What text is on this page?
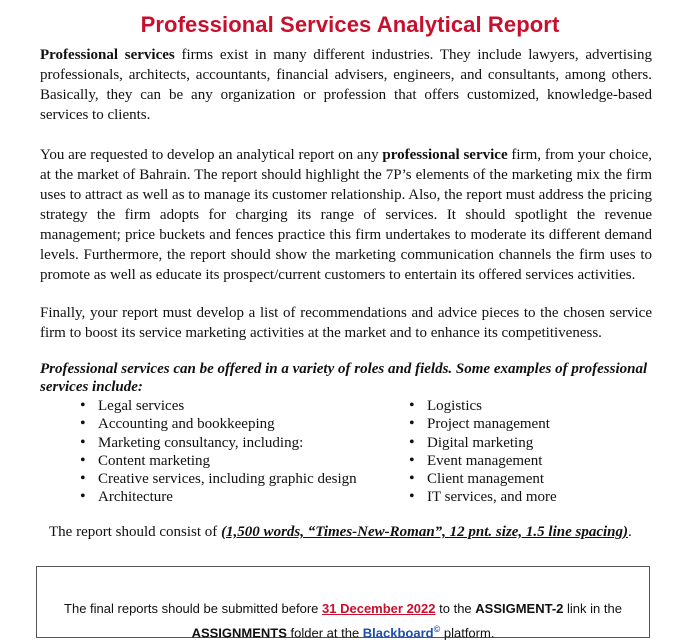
Professional Services Analytical Report

Professional services firms exist in many different industries. They include lawyers, advertising professionals, architects, accountants, financial advisers, engineers, and consultants, among others. Basically, they can be any organization or profession that offers customized, knowledge-based services to clients.

You are requested to develop an analytical report on any professional service firm, from your choice, at the market of Bahrain. The report should highlight the 7P’s elements of the marketing mix the firm uses to attract as well as to manage its customer relationship. Also, the report must address the pricing strategy the firm adopts for charging its range of services. It should spotlight the revenue management; price buckets and fences practice this firm undertakes to moderate its different demand levels. Furthermore, the report should show the marketing communication channels the firm uses to promote as well as educate its prospect/current customers to entertain its offered services activities.

Finally, your report must develop a list of recommendations and advice pieces to the chosen service firm to boost its service marketing activities at the market and to enhance its competitiveness.

Professional services can be offered in a variety of roles and fields. Some examples of professional services include:

• Legal services
• Accounting and bookkeeping
• Marketing consultancy, including:
• Content marketing
• Creative services, including graphic design
• Architecture
• Logistics
• Project management
• Digital marketing
• Event management
• Client management
• IT services, and more

The report should consist of (1,500 words, “Times-New-Roman”, 12 pnt. size, 1.5 line spacing).

The final reports should be submitted before 31 December 2022 to the ASSIGMENT-2 link in the
ASSIGNMENTS folder at the Blackboard© platform.
